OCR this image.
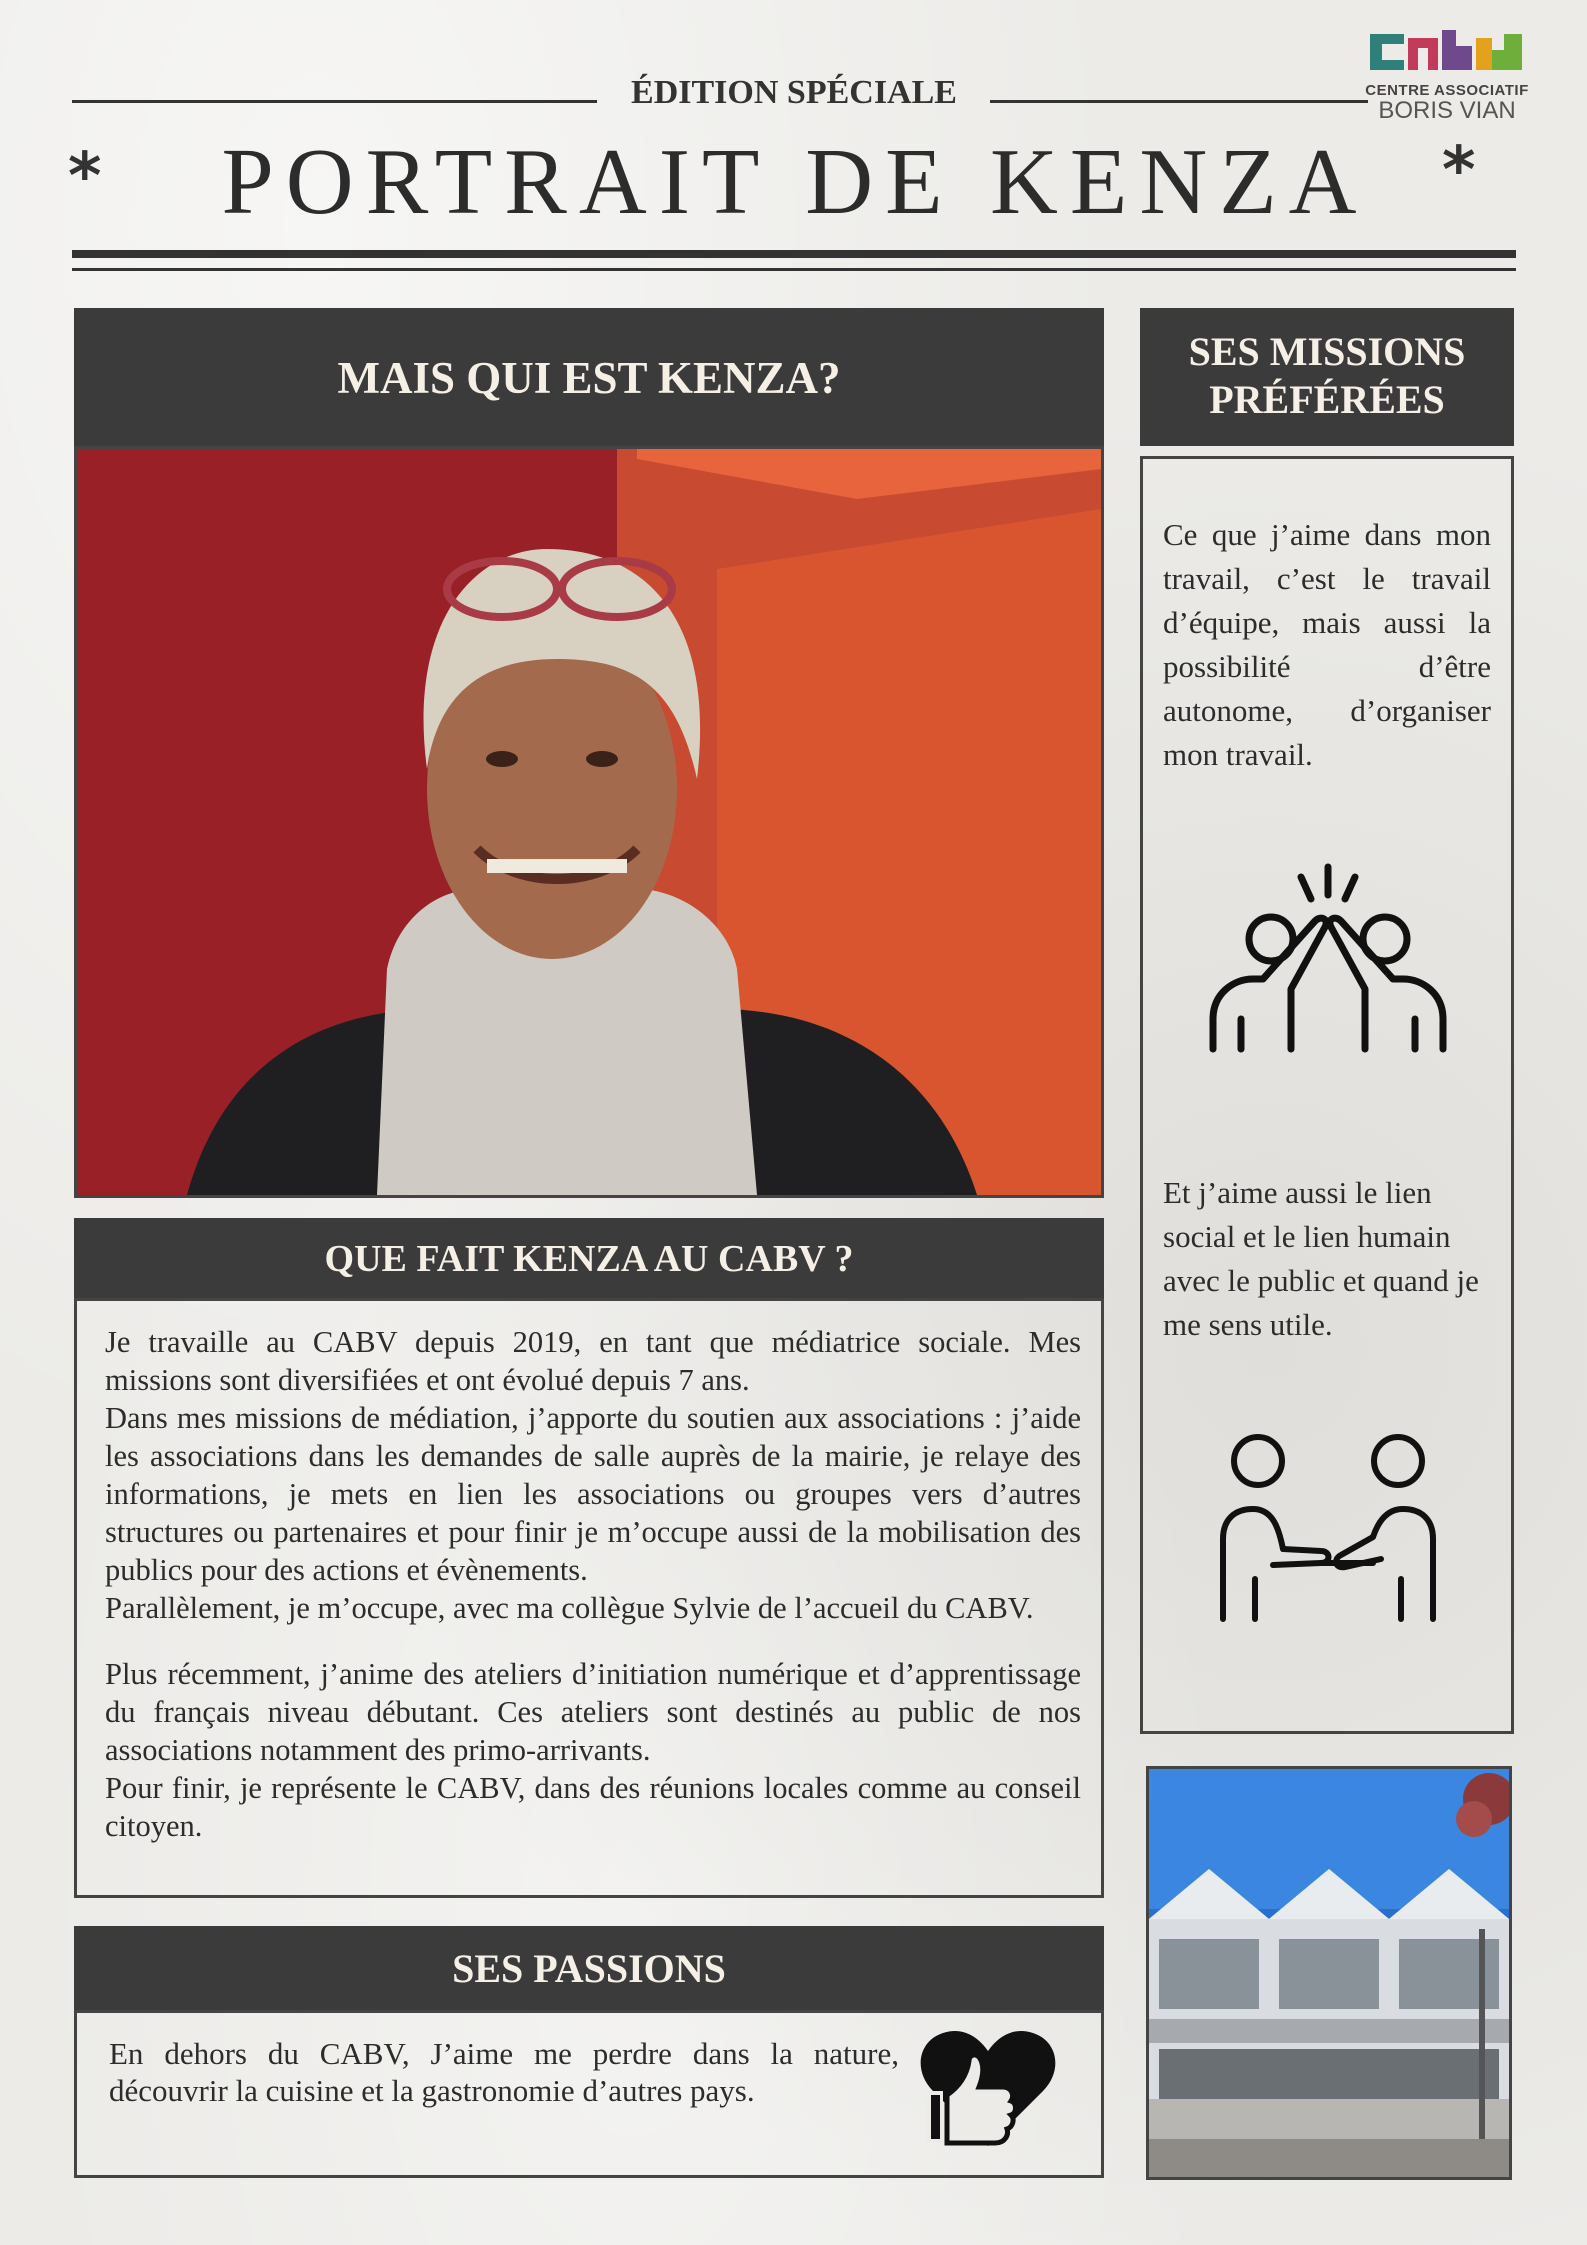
CENTRE ASSOCIATIF
BORIS VIAN
ÉDITION SPÉCIALE
*	PORTRAIT DE KENZA	*
MAIS QUI EST KENZA?
QUE FAIT KENZA AU CABV ?

Je travaille au CABV depuis 2019, en tant que médiatrice sociale. Mes missions sont diversifiées et ont évolué depuis 7 ans.

Dans mes missions de médiation, j’apporte du soutien aux associations : j’aide les associations dans les demandes de salle auprès de la mairie, je relaye des informations, je mets en lien les associations ou groupes vers d’autres structures ou partenaires et pour finir je m’occupe aussi de la mobilisation des publics pour des actions et évènements.

Parallèlement, je m’occupe, avec ma collègue Sylvie de l’accueil du CABV.

Plus récemment, j’anime des ateliers d’initiation numérique et d’apprentissage du français niveau débutant. Ces ateliers sont destinés au public de nos associations notamment des primo-arrivants.

Pour finir, je représente le CABV, dans des réunions locales comme au conseil citoyen.

SES PASSIONS
En dehors du CABV, J’aime me perdre dans la nature, découvrir la cuisine et la gastronomie d’autres pays.
SES MISSIONS
PRÉFÉRÉES
Ce que j’aime dans mon travail, c’est le travail d’équipe, mais aussi la possibilité d’être autonome, d’organiser mon travail.
Et j’aime aussi le lien social et le lien humain avec le public et quand je me sens utile.
